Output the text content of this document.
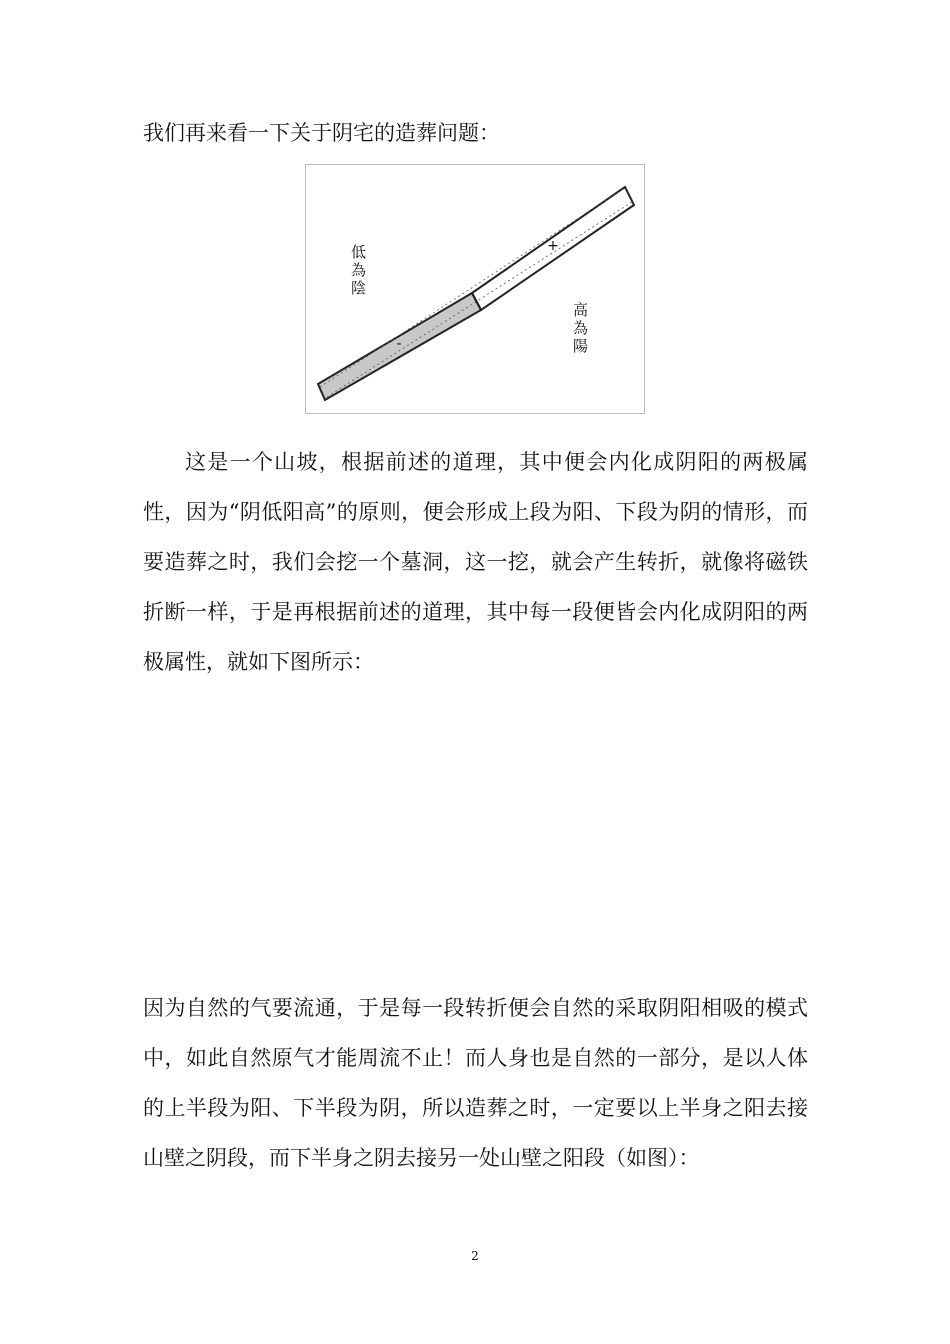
我们再来看一下关于阴宅的造葬问题：

+
-
低為陰
高為陽

这是一个山坡，根据前述的道理，其中便会内化成阴阳的两极属性，因为“阴低阳高”的原则，便会形成上段为阳、下段为阴的情形，而要造葬之时，我们会挖一个墓洞，这一挖，就会产生转折，就像将磁铁折断一样，于是再根据前述的道理，其中每一段便皆会内化成阴阳的两极属性，就如下图所示：

因为自然的气要流通，于是每一段转折便会自然的采取阴阳相吸的模式中，如此自然原气才能周流不止！而人身也是自然的一部分，是以人体的上半段为阳、下半段为阴，所以造葬之时，一定要以上半身之阳去接山壁之阴段，而下半身之阴去接另一处山壁之阳段（如图）：

2
